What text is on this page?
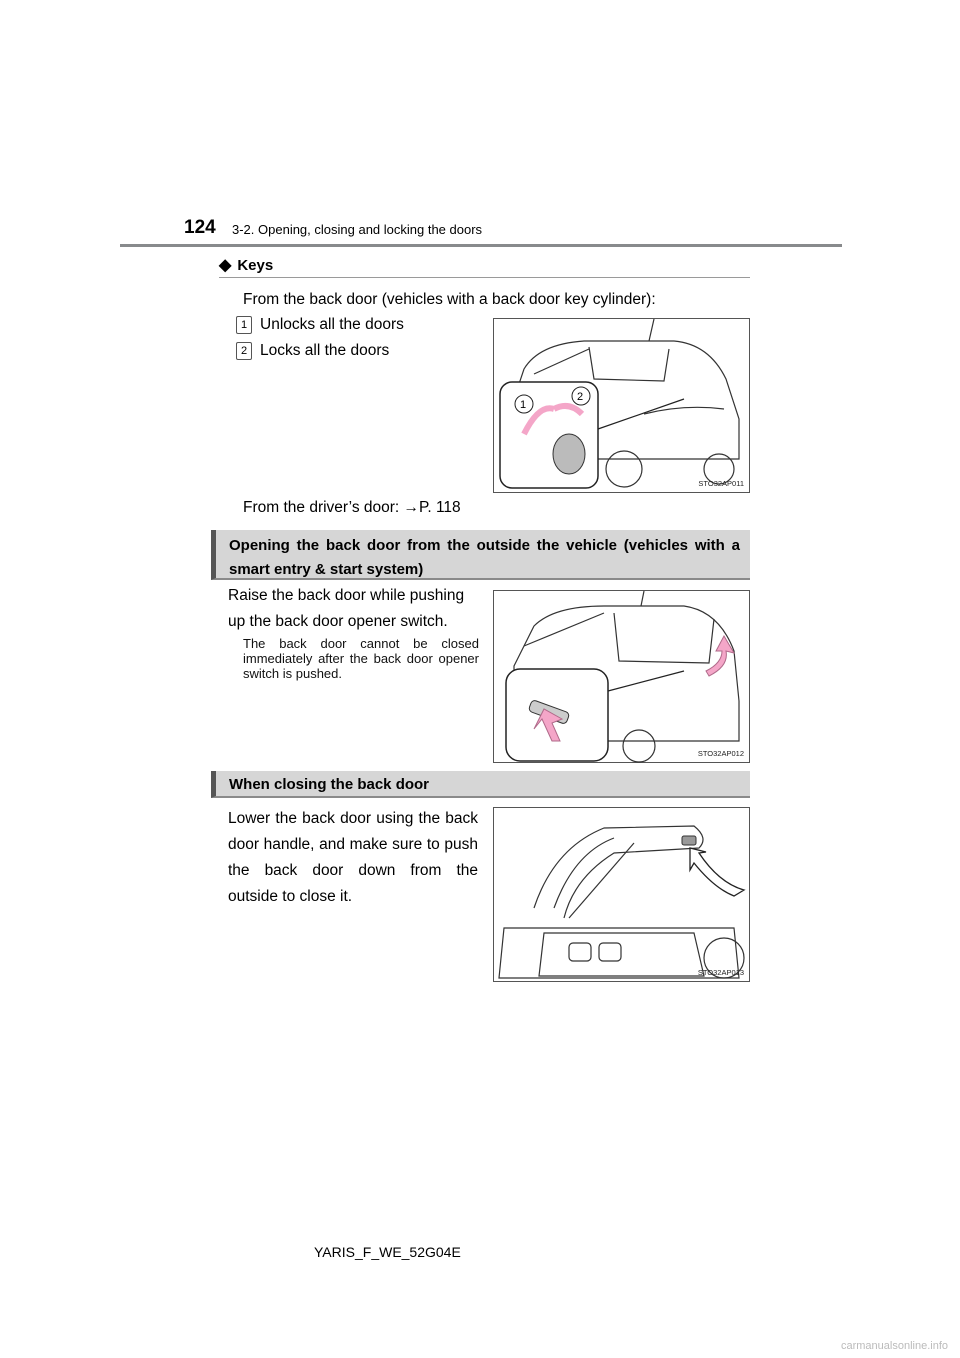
124 3-2. Opening, closing and locking the doors
◆ Keys
From the back door (vehicles with a back door key cylinder):
1 Unlocks all the doors
2 Locks all the doors
From the driver’s door: →P. 118
1
2
STO32AP011
Opening the back door from the outside the vehicle (vehicles with a smart entry & start system)
Raise the back door while pushing up the back door opener switch.
The back door cannot be closed immediately after the back door opener switch is pushed.
STO32AP012
When closing the back door
Lower the back door using the back door handle, and make sure to push the back door down from the outside to close it.
STO32AP013
YARIS_F_WE_52G04E
carmanualsonline.info
